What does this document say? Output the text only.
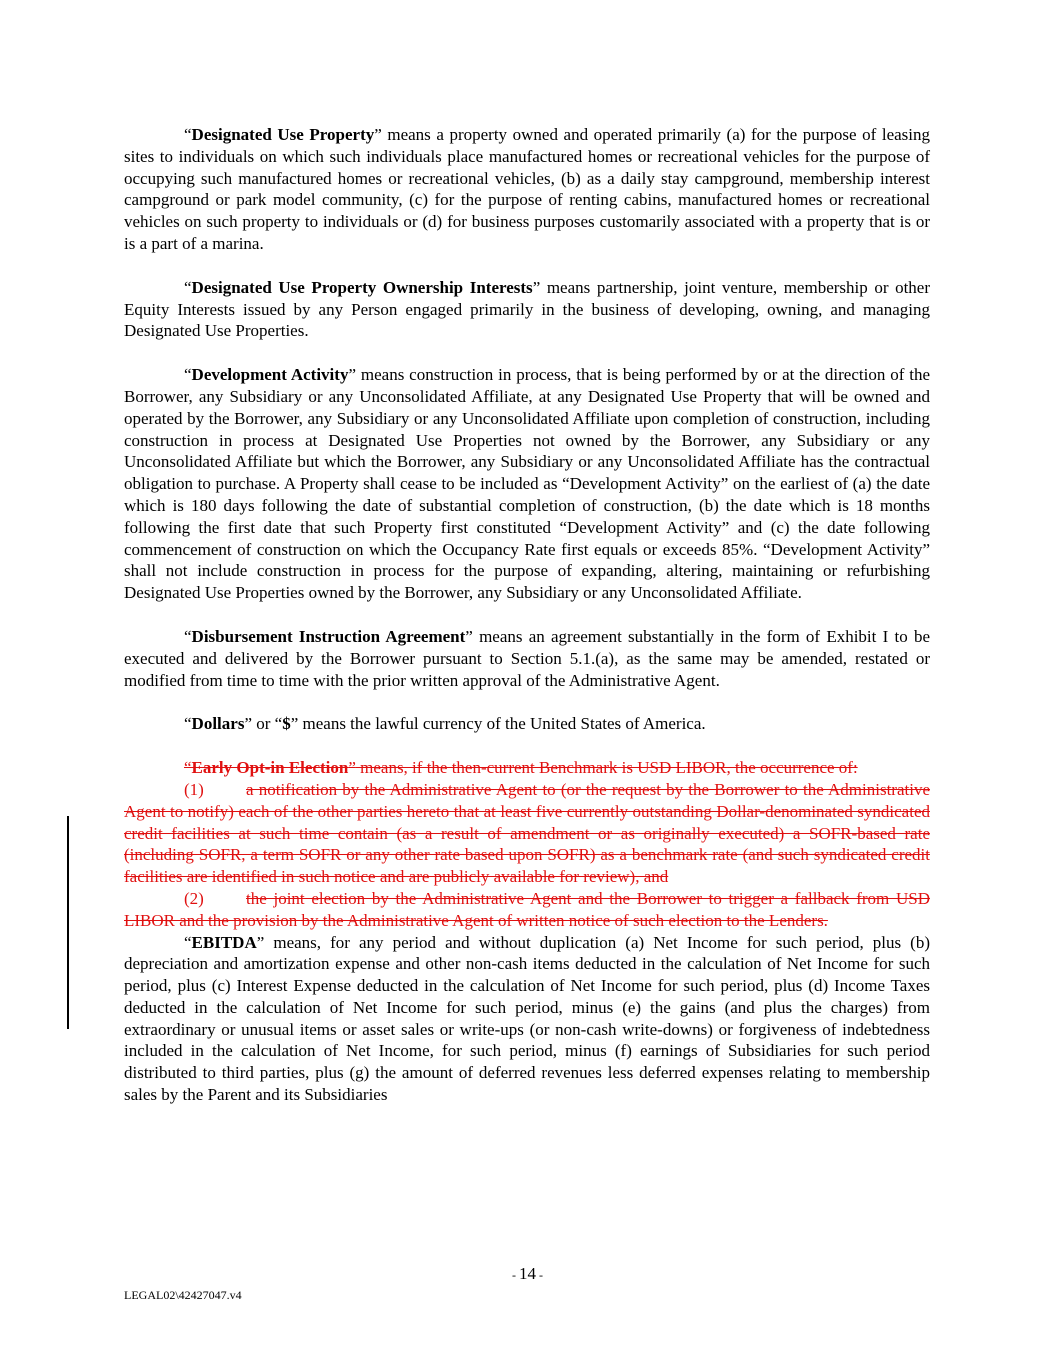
“Designated Use Property” means a property owned and operated primarily (a) for the purpose of leasing sites to individuals on which such individuals place manufactured homes or recreational vehicles for the purpose of occupying such manufactured homes or recreational vehicles, (b) as a daily stay campground, membership interest campground or park model community, (c) for the purpose of renting cabins, manufactured homes or recreational vehicles on such property to individuals or (d) for business purposes customarily associated with a property that is or is a part of a marina.

“Designated Use Property Ownership Interests” means partnership, joint venture, membership or other Equity Interests issued by any Person engaged primarily in the business of developing, owning, and managing Designated Use Properties.

“Development Activity” means construction in process, that is being performed by or at the direction of the Borrower, any Subsidiary or any Unconsolidated Affiliate, at any Designated Use Property that will be owned and operated by the Borrower, any Subsidiary or any Unconsolidated Affiliate upon completion of construction, including construction in process at Designated Use Properties not owned by the Borrower, any Subsidiary or any Unconsolidated Affiliate but which the Borrower, any Subsidiary or any Unconsolidated Affiliate has the contractual obligation to purchase. A Property shall cease to be included as “Development Activity” on the earliest of (a) the date which is 180 days following the date of substantial completion of construction, (b) the date which is 18 months following the first date that such Property first constituted “Development Activity” and (c) the date following commencement of construction on which the Occupancy Rate first equals or exceeds 85%. “Development Activity” shall not include construction in process for the purpose of expanding, altering, maintaining or refurbishing Designated Use Properties owned by the Borrower, any Subsidiary or any Unconsolidated Affiliate.

“Disbursement Instruction Agreement” means an agreement substantially in the form of Exhibit I to be executed and delivered by the Borrower pursuant to Section 5.1.(a), as the same may be amended, restated or modified from time to time with the prior written approval of the Administrative Agent.

“Dollars” or “$” means the lawful currency of the United States of America.

“Early Opt-in Election” means, if the then-current Benchmark is USD LIBOR, the occurrence of:

(1) a notification by the Administrative Agent to (or the request by the Borrower to the Administrative Agent to notify) each of the other parties hereto that at least five currently outstanding Dollar-denominated syndicated credit facilities at such time contain (as a result of amendment or as originally executed) a SOFR-based rate (including SOFR, a term SOFR or any other rate based upon SOFR) as a benchmark rate (and such syndicated credit facilities are identified in such notice and are publicly available for review), and

(2) the joint election by the Administrative Agent and the Borrower to trigger a fallback from USD LIBOR and the provision by the Administrative Agent of written notice of such election to the Lenders.

“EBITDA” means, for any period and without duplication (a) Net Income for such period, plus (b) depreciation and amortization expense and other non-cash items deducted in the calculation of Net Income for such period, plus (c) Interest Expense deducted in the calculation of Net Income for such period, plus (d) Income Taxes deducted in the calculation of Net Income for such period, minus (e) the gains (and plus the charges) from extraordinary or unusual items or asset sales or write-ups (or non-cash write-downs) or forgiveness of indebtedness included in the calculation of Net Income, for such period, minus (f) earnings of Subsidiaries for such period distributed to third parties, plus (g) the amount of deferred revenues less deferred expenses relating to membership sales by the Parent and its Subsidiaries

- 14 -
LEGAL02\42427047.v4
